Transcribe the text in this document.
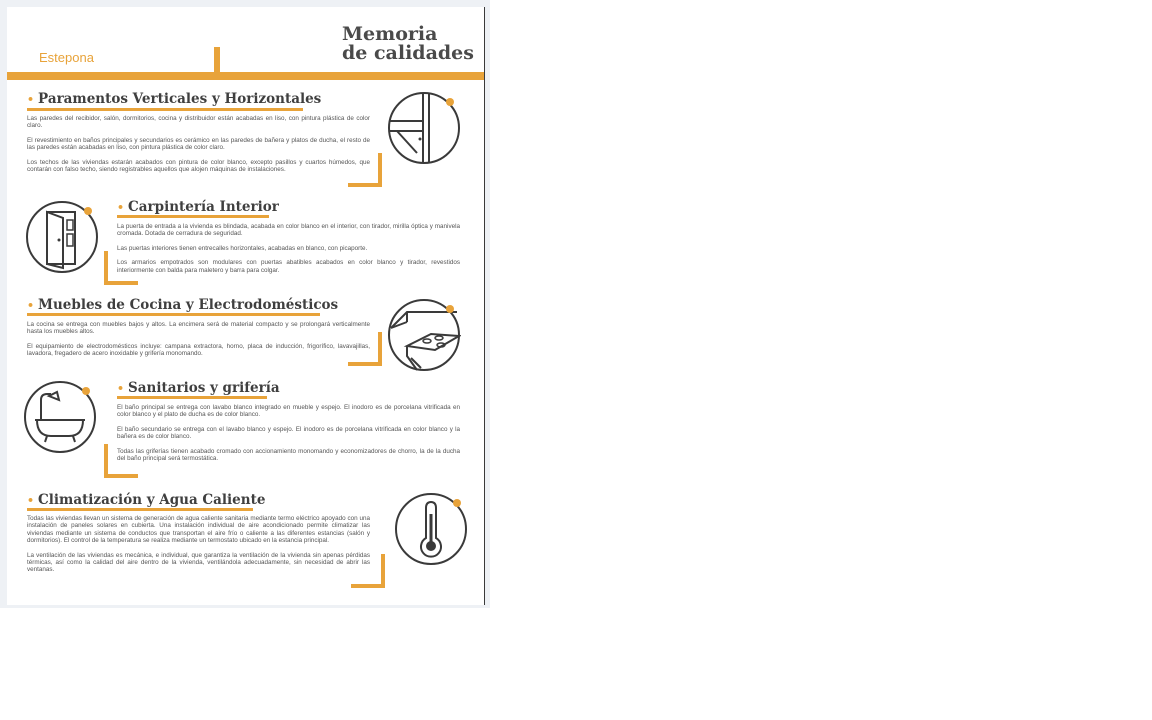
Estepona
Memoria
de calidades
• Paramentos Verticales y Horizontales

Las paredes del recibidor, salón, dormitorios, cocina y distribuidor están acabadas en liso, con pintura plástica de color claro.

El revestimiento en baños principales y secundarios es cerámico en las paredes de bañera y platos de ducha, el resto de las paredes están acabadas en liso, con pintura plástica de color claro.

Los techos de las viviendas estarán acabados con pintura de color blanco, excepto pasillos y cuartos húmedos, que contarán con falso techo, siendo registrables aquellos que alojen máquinas de instalaciones.

• Carpintería Interior

La puerta de entrada a la vivienda es blindada, acabada en color blanco en el interior, con tirador, mirilla óptica y manivela cromada. Dotada de cerradura de seguridad.

Las puertas interiores tienen entrecalles horizontales, acabadas en blanco, con picaporte.

Los armarios empotrados son modulares con puertas abatibles acabados en color blanco y tirador, revestidos interiormente con balda para maletero y barra para colgar.

• Muebles de Cocina y Electrodomésticos

La cocina se entrega con muebles bajos y altos. La encimera será de material compacto y se prolongará verticalmente hasta los muebles altos.

El equipamiento de electrodomésticos incluye: campana extractora, horno, placa de inducción, frigorífico, lavavajillas, lavadora, fregadero de acero inoxidable y grifería monomando.

• Sanitarios y grifería

El baño principal se entrega con lavabo blanco integrado en mueble y espejo. El inodoro es de porcelana vitrificada en color blanco y el plato de ducha es de color blanco.

El baño secundario se entrega con el lavabo blanco y espejo. El inodoro es de porcelana vitrificada en color blanco y la bañera es de color blanco.

Todas las griferías tienen acabado cromado con accionamiento monomando y economizadores de chorro, la de la ducha del baño principal será termostática.

• Climatización y Agua Caliente

Todas las viviendas llevan un sistema de generación de agua caliente sanitaria mediante termo eléctrico apoyado con una instalación de paneles solares en cubierta. Una instalación individual de aire acondicionado permite climatizar las viviendas mediante un sistema de conductos que transportan el aire frío o caliente a las diferentes estancias (salón y dormitorios). El control de la temperatura se realiza mediante un termostato ubicado en la estancia principal.

La ventilación de las viviendas es mecánica, e individual, que garantiza la ventilación de la vivienda sin apenas pérdidas térmicas, así como la calidad del aire dentro de la vivienda, ventilándola adecuadamente, sin necesidad de abrir las ventanas.
